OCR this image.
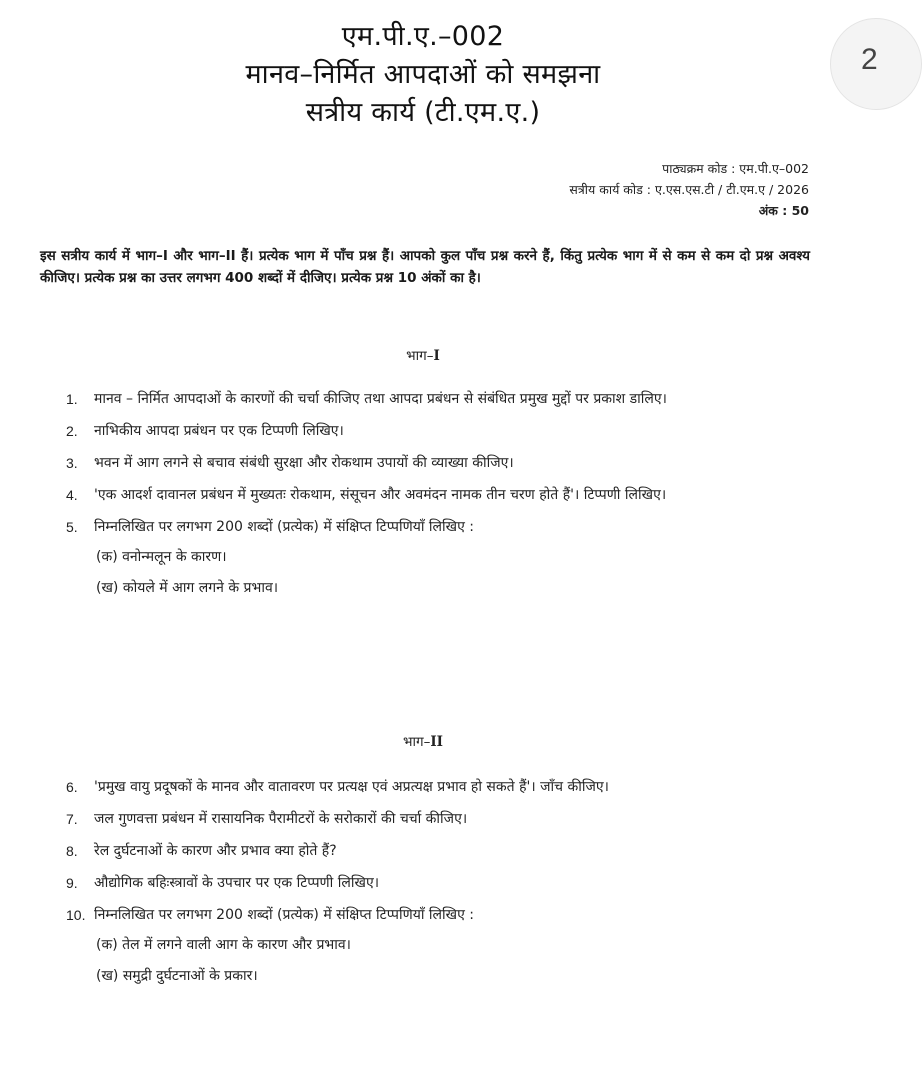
एम.पी.ए.–002
मानव–निर्मित आपदाओं को समझना
सत्रीय कार्य (टी.एम.ए.)
2
पाठ्यक्रम कोड : एम.पी.ए–002
सत्रीय कार्य कोड : ए.एस.एस.टी / टी.एम.ए / 2026
अंक : 50
इस सत्रीय कार्य में भाग–I और भाग–II हैं। प्रत्येक भाग में पाँच प्रश्न हैं। आपको कुल पाँच प्रश्न करने हैं, किंतु प्रत्येक भाग में से कम से कम दो प्रश्न अवश्य कीजिए। प्रत्येक प्रश्न का उत्तर लगभग 400 शब्दों में दीजिए। प्रत्येक प्रश्न 10 अंकों का है।
भाग–I
1. मानव – निर्मित आपदाओं के कारणों की चर्चा कीजिए तथा आपदा प्रबंधन से संबंधित प्रमुख मुद्दों पर प्रकाश डालिए।
2. नाभिकीय आपदा प्रबंधन पर एक टिप्पणी लिखिए।
3. भवन में आग लगने से बचाव संबंधी सुरक्षा और रोकथाम उपायों की व्याख्या कीजिए।
4. 'एक आदर्श दावानल प्रबंधन में मुख्यतः रोकथाम, संसूचन और अवमंदन नामक तीन चरण होते हैं'। टिप्पणी लिखिए।
5. निम्नलिखित पर लगभग 200 शब्दों (प्रत्येक) में संक्षिप्त टिप्पणियाँ लिखिए :
(क) वनोन्मलून के कारण।
(ख) कोयले में आग लगने के प्रभाव।
भाग–II
6. 'प्रमुख वायु प्रदूषकों के मानव और वातावरण पर प्रत्यक्ष एवं अप्रत्यक्ष प्रभाव हो सकते हैं'। जाँच कीजिए।
7. जल गुणवत्ता प्रबंधन में रासायनिक पैरामीटरों के सरोकारों की चर्चा कीजिए।
8. रेल दुर्घटनाओं के कारण और प्रभाव क्या होते हैं?
9. औद्योगिक बहिःस्त्रावों के उपचार पर एक टिप्पणी लिखिए।
10. निम्नलिखित पर लगभग 200 शब्दों (प्रत्येक) में संक्षिप्त टिप्पणियाँ लिखिए :
(क) तेल में लगने वाली आग के कारण और प्रभाव।
(ख) समुद्री दुर्घटनाओं के प्रकार।
